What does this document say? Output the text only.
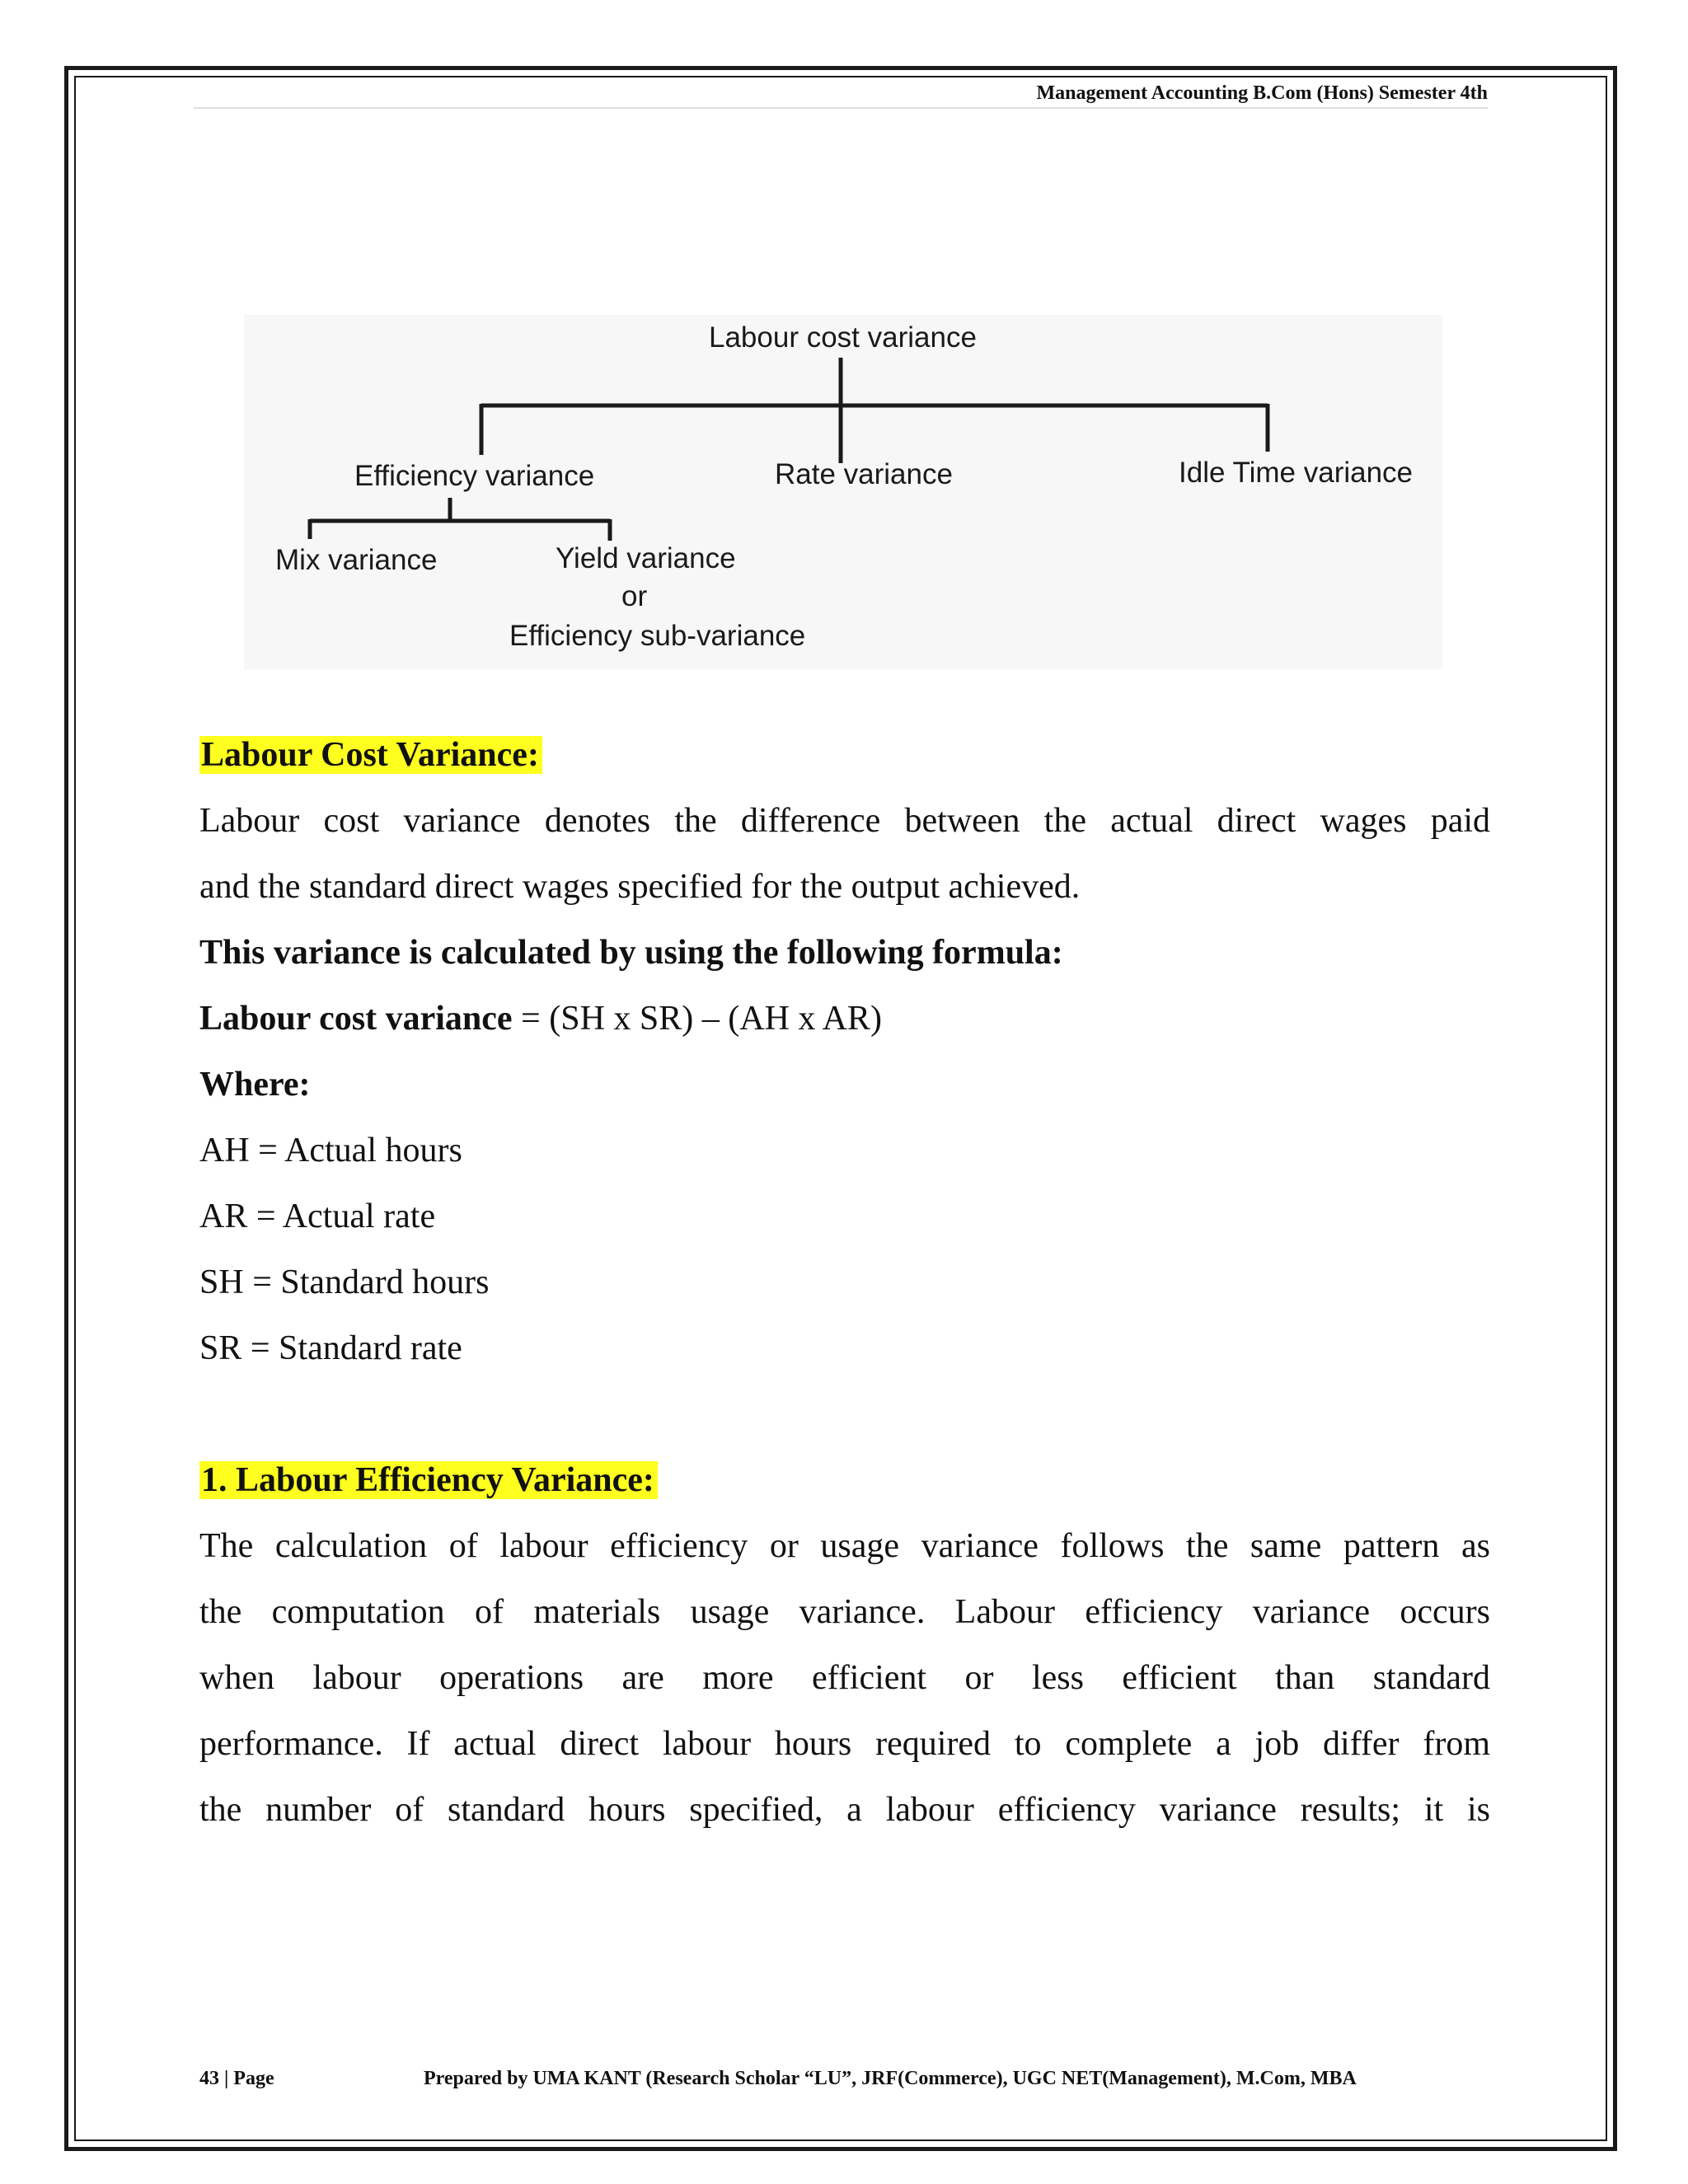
Management Accounting B.Com (Hons) Semester 4th
Labour cost variance
Efficiency variance	Rate variance	Idle Time variance
Mix variance	Yield variance
or
Efficiency sub-variance
Labour Cost Variance:
Labour cost variance denotes the difference between the actual direct wages paid
and the standard direct wages specified for the output achieved.
This variance is calculated by using the following formula:
Labour cost variance = (SH x SR) – (AH x AR)
Where:
AH = Actual hours
AR = Actual rate
SH = Standard hours
SR = Standard rate
1. Labour Efficiency Variance:
The calculation of labour efficiency or usage variance follows the same pattern as
the computation of materials usage variance. Labour efficiency variance occurs
when labour operations are more efficient or less efficient than standard
performance. If actual direct labour hours required to complete a job differ from
the number of standard hours specified, a labour efficiency variance results; it is
43 | Page	Prepared by UMA KANT (Research Scholar “LU”, JRF(Commerce), UGC NET(Management), M.Com, MBA
